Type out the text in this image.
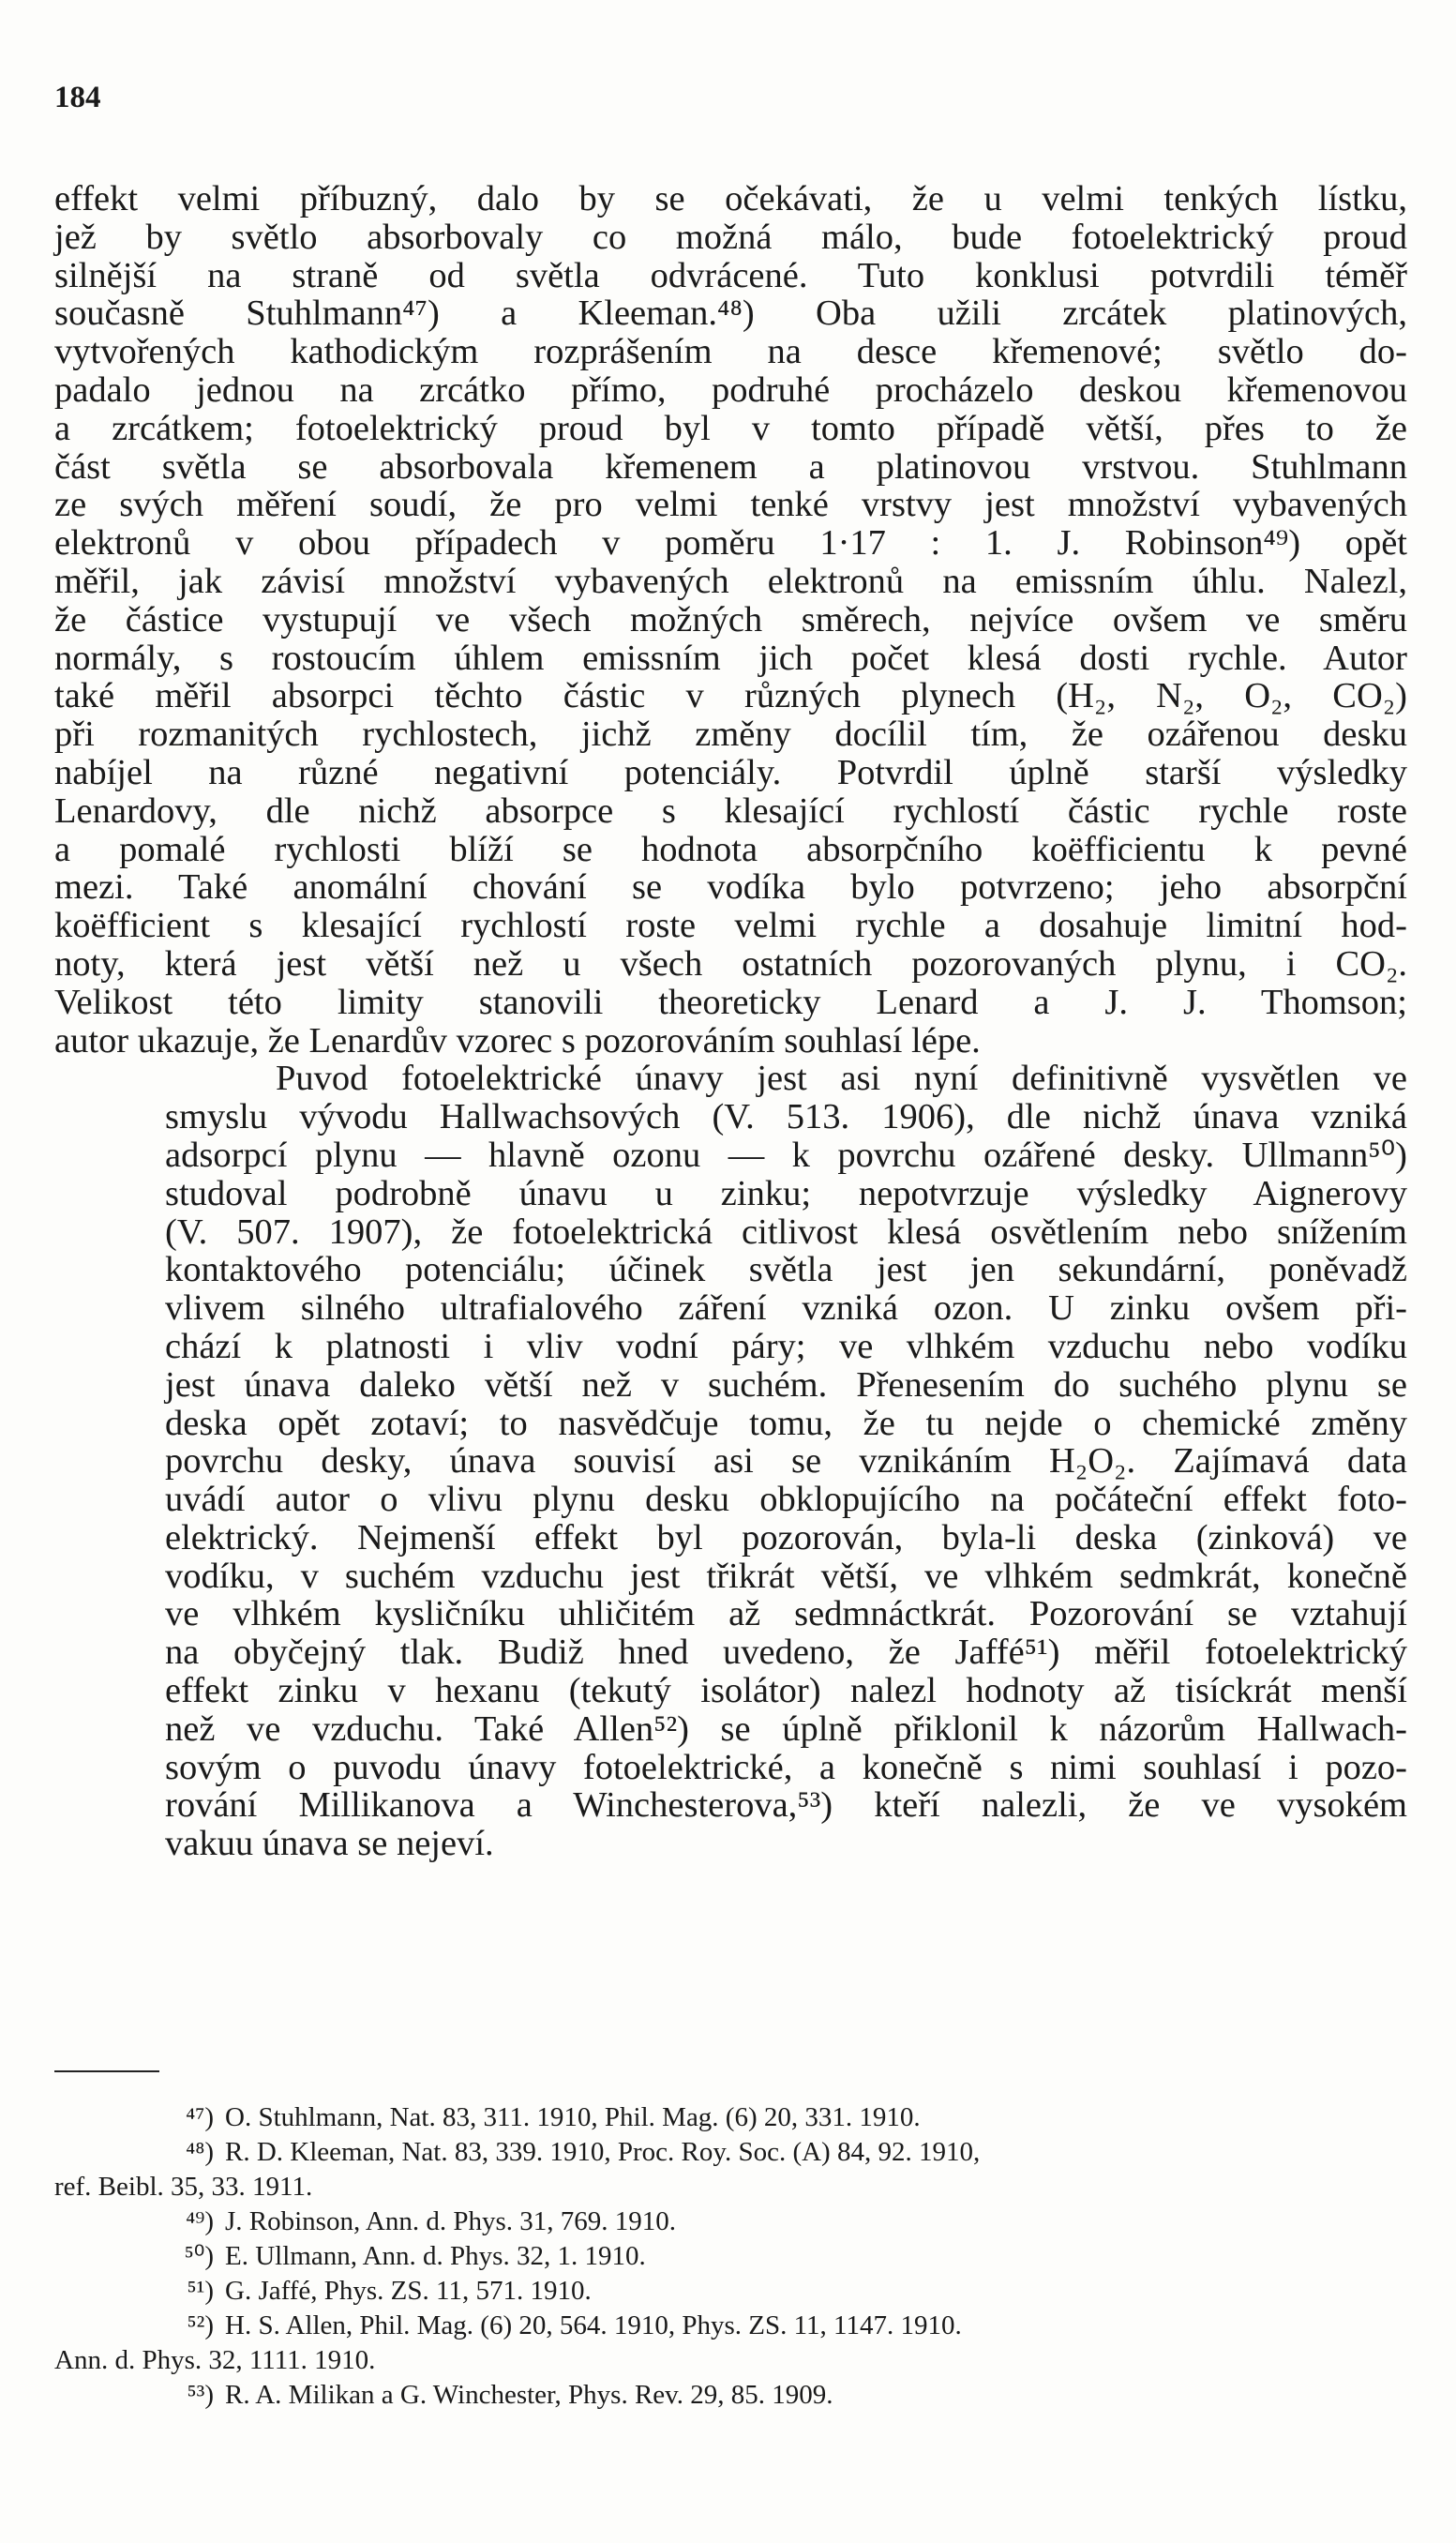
184

effekt velmi příbuzný, dalo by se očekávati, že u velmi tenkých lístku,
jež by světlo absorbovaly co možná málo, bude fotoelektrický proud
silnější na straně od světla odvrácené. Tuto konklusi potvrdili téměř
současně Stuhlmann⁴⁷) a Kleeman.⁴⁸) Oba užili zrcátek platinových,
vytvořených kathodickým rozprášením na desce křemenové; světlo do-
padalo jednou na zrcátko přímo, podruhé procházelo deskou křemenovou
a zrcátkem; fotoelektrický proud byl v tomto případě větší, přes to že
část světla se absorbovala křemenem a platinovou vrstvou. Stuhlmann
ze svých měření soudí, že pro velmi tenké vrstvy jest množství vybavených
elektronů v obou případech v poměru 1·17 : 1. J. Robinson⁴⁹) opět
měřil, jak závisí množství vybavených elektronů na emissním úhlu. Nalezl,
že částice vystupují ve všech možných směrech, nejvíce ovšem ve směru
normály, s rostoucím úhlem emissním jich počet klesá dosti rychle. Autor
také měřil absorpci těchto částic v různých plynech (H₂, N₂, O₂, CO₂)
při rozmanitých rychlostech, jichž změny docílil tím, že ozářenou desku
nabíjel na různé negativní potenciály. Potvrdil úplně starší výsledky
Lenardovy, dle nichž absorpce s klesající rychlostí částic rychle roste
a pomalé rychlosti blíží se hodnota absorpčního koëfficientu k pevné
mezi. Také anomální chování se vodíka bylo potvrzeno; jeho absorpční
koëfficient s klesající rychlostí roste velmi rychle a dosahuje limitní hod-
noty, která jest větší než u všech ostatních pozorovaných plynu, i CO₂.
Velikost této limity stanovili theoreticky Lenard a J. J. Thomson;
autor ukazuje, že Lenardův vzorec s pozorováním souhlasí lépe.

Puvod fotoelektrické únavy jest asi nyní definitivně vysvětlen ve
smyslu vývodu Hallwachsových (V. 513. 1906), dle nichž únava vzniká
adsorpcí plynu — hlavně ozonu — k povrchu ozářené desky. Ullmann⁵⁰)
studoval podrobně únavu u zinku; nepotvrzuje výsledky Aignerovy
(V. 507. 1907), že fotoelektrická citlivost klesá osvětlením nebo snížením
kontaktového potenciálu; účinek světla jest jen sekundární, poněvadž
vlivem silného ultrafialového záření vzniká ozon. U zinku ovšem při-
chází k platnosti i vliv vodní páry; ve vlhkém vzduchu nebo vodíku
jest únava daleko větší než v suchém. Přenesením do suchého plynu se
deska opět zotaví; to nasvědčuje tomu, že tu nejde o chemické změny
povrchu desky, únava souvisí asi se vznikáním H₂O₂. Zajímavá data
uvádí autor o vlivu plynu desku obklopujícího na počáteční effekt foto-
elektrický. Nejmenší effekt byl pozorován, byla-li deska (zinková) ve
vodíku, v suchém vzduchu jest třikrát větší, ve vlhkém sedmkrát, konečně
ve vlhkém kysličníku uhličitém až sedmnáctkrát. Pozorování se vztahují
na obyčejný tlak. Budiž hned uvedeno, že Jaffé⁵¹) měřil fotoelektrický
effekt zinku v hexanu (tekutý isolátor) nalezl hodnoty až tisíckrát menší
než ve vzduchu. Také Allen⁵²) se úplně přiklonil k názorům Hallwach-
sovým o puvodu únavy fotoelektrické, a konečně s nimi souhlasí i pozo-
rování Millikanova a Winchesterova,⁵³) kteří nalezli, že ve vysokém
vakuu únava se nejeví.

⁴⁷) O. Stuhlmann, Nat. 83, 311. 1910, Phil. Mag. (6) 20, 331. 1910.
⁴⁸) R. D. Kleeman, Nat. 83, 339. 1910, Proc. Roy. Soc. (A) 84, 92. 1910,
ref. Beibl. 35, 33. 1911.
⁴⁹) J. Robinson, Ann. d. Phys. 31, 769. 1910.
⁵⁰) E. Ullmann, Ann. d. Phys. 32, 1. 1910.
⁵¹) G. Jaffé, Phys. ZS. 11, 571. 1910.
⁵²) H. S. Allen, Phil. Mag. (6) 20, 564. 1910, Phys. ZS. 11, 1147. 1910.
Ann. d. Phys. 32, 1111. 1910.
⁵³) R. A. Milikan a G. Winchester, Phys. Rev. 29, 85. 1909.
